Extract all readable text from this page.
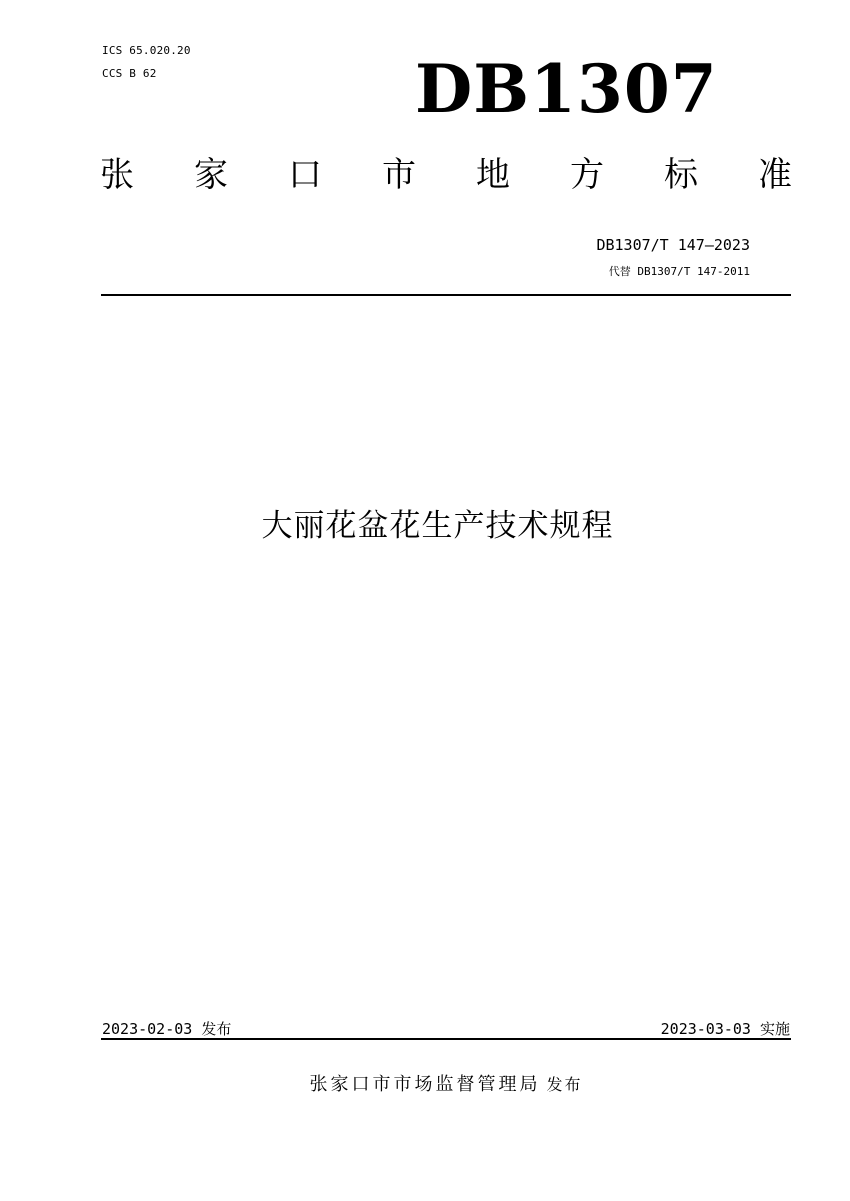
ICS 65.020.20
CCS B 62	DB1307
张 家 口 市 地 方 标 准
DB1307/T 147—2023
代替 DB1307/T 147-2011
大丽花盆花生产技术规程
2023-02-03 发布	2023-03-03 实施
张家口市市场监督管理局 发布
